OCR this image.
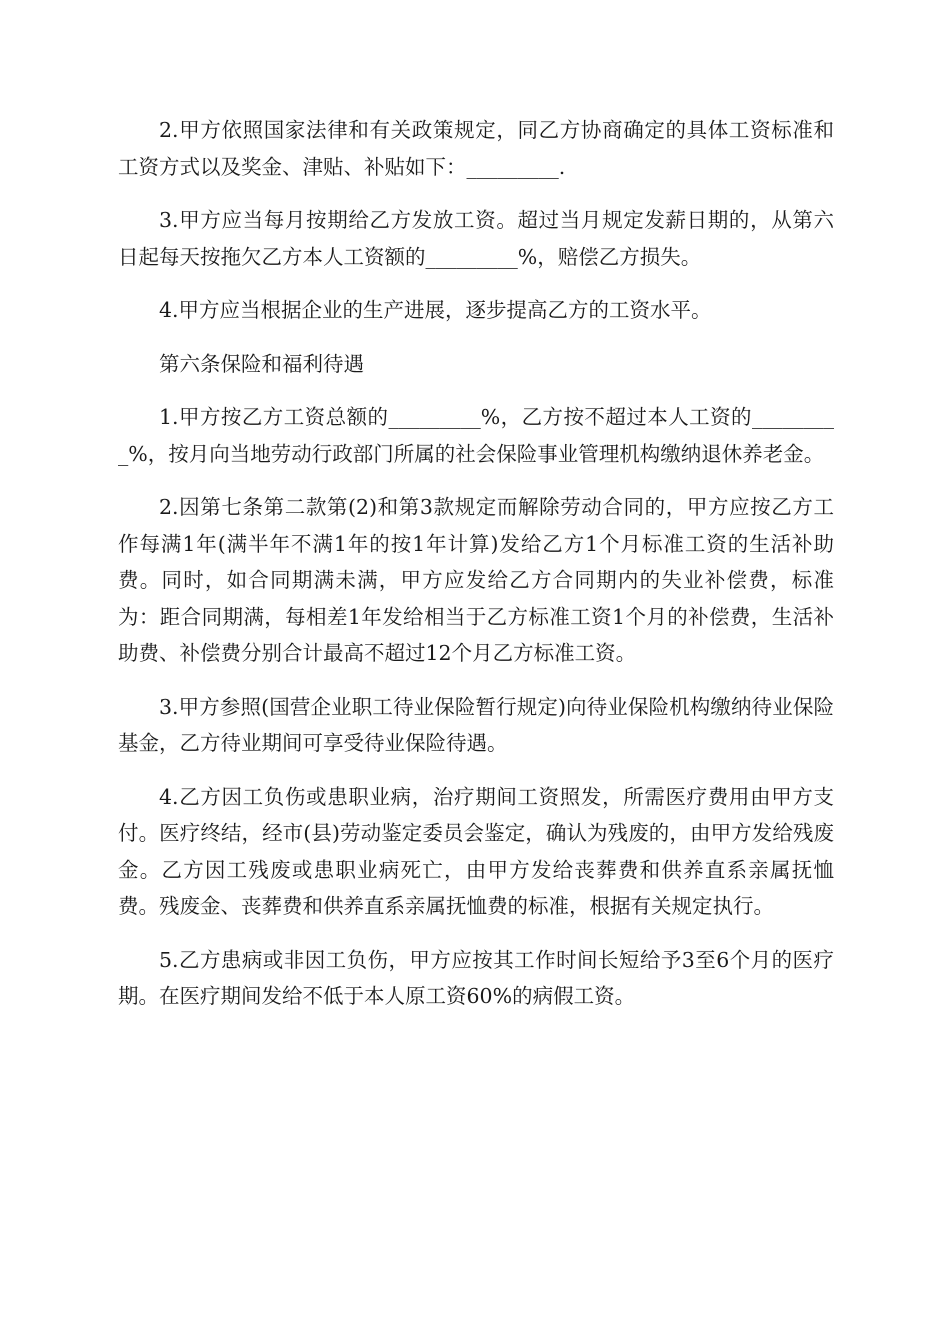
2.甲方依照国家法律和有关政策规定，同乙方协商确定的具体工资标准和工资方式以及奖金、津贴、补贴如下：_________.

3.甲方应当每月按期给乙方发放工资。超过当月规定发薪日期的，从第六日起每天按拖欠乙方本人工资额的_________%，赔偿乙方损失。

4.甲方应当根据企业的生产进展，逐步提高乙方的工资水平。

第六条保险和福利待遇

1.甲方按乙方工资总额的_________%，乙方按不超过本人工资的_________%，按月向当地劳动行政部门所属的社会保险事业管理机构缴纳退休养老金。

2.因第七条第二款第(2)和第3款规定而解除劳动合同的，甲方应按乙方工作每满1年(满半年不满1年的按1年计算)发给乙方1个月标准工资的生活补助费。同时，如合同期满未满，甲方应发给乙方合同期内的失业补偿费，标准为：距合同期满，每相差1年发给相当于乙方标准工资1个月的补偿费，生活补助费、补偿费分别合计最高不超过12个月乙方标准工资。

3.甲方参照(国营企业职工待业保险暂行规定)向待业保险机构缴纳待业保险基金，乙方待业期间可享受待业保险待遇。

4.乙方因工负伤或患职业病，治疗期间工资照发，所需医疗费用由甲方支付。医疗终结，经市(县)劳动鉴定委员会鉴定，确认为残废的，由甲方发给残废金。乙方因工残废或患职业病死亡，由甲方发给丧葬费和供养直系亲属抚恤费。残废金、丧葬费和供养直系亲属抚恤费的标准，根据有关规定执行。

5.乙方患病或非因工负伤，甲方应按其工作时间长短给予3至6个月的医疗期。在医疗期间发给不低于本人原工资60%的病假工资。
